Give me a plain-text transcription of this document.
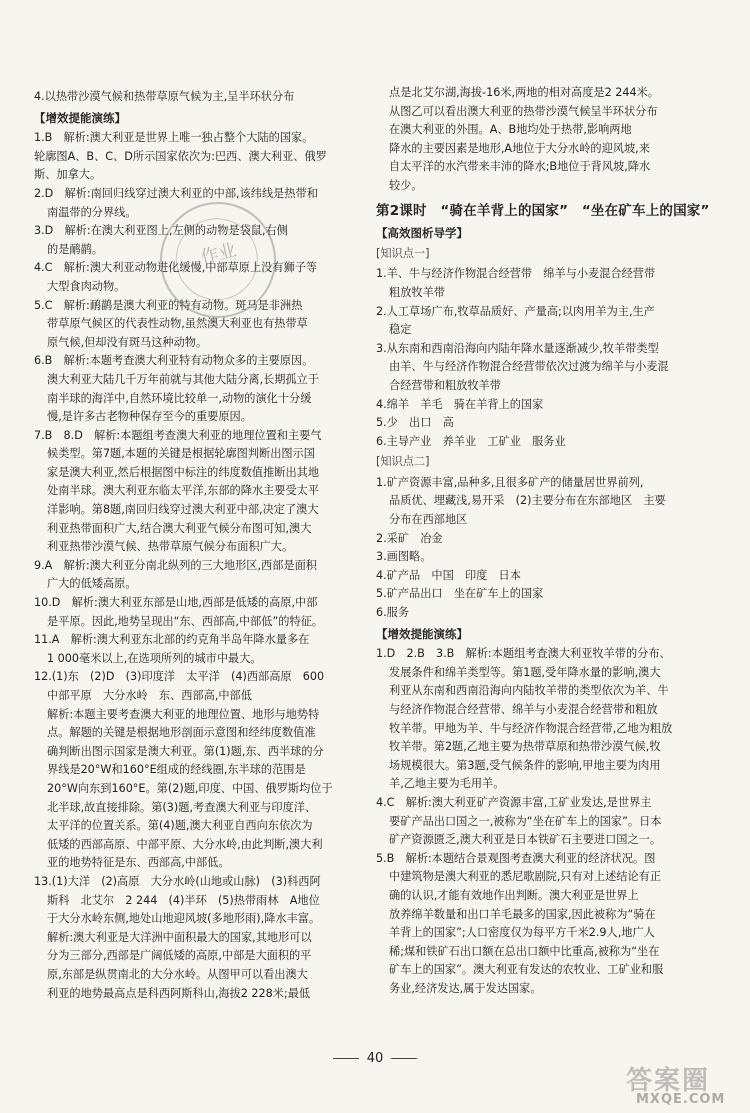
4.以热带沙漠气候和热带草原气候为主,呈半环状分布
【增效提能演练】
1.B　解析:澳大利亚是世界上唯一独占整个大陆的国家。
轮廓图A、B、C、D所示国家依次为:巴西、澳大利亚、俄罗
斯、加拿大。
2.D　解析:南回归线穿过澳大利亚的中部,该纬线是热带和
南温带的分界线。
3.D　解析:在澳大利亚图上,左侧的动物是袋鼠,右侧
的是鸸鹋。
4.C　解析:澳大利亚动物进化缓慢,中部草原上没有狮子等
大型食肉动物。
5.C　解析:鸸鹋是澳大利亚的特有动物。斑马是非洲热
带草原气候区的代表性动物,虽然澳大利亚也有热带草
原气候,但却没有斑马这种动物。
6.B　解析:本题考查澳大利亚特有动物众多的主要原因。
澳大利亚大陆几千万年前就与其他大陆分离,长期孤立于
南半球的海洋中,自然环境比较单一,动物的演化十分缓
慢,是许多古老物种保存至今的重要原因。
7.B　8.D　解析:本题组考查澳大利亚的地理位置和主要气
候类型。第7题,本题的关键是根据轮廓图判断出图示国
家是澳大利亚,然后根据图中标注的纬度数值推断出其地
处南半球。澳大利亚东临太平洋,东部的降水主要受太平
洋影响。第8题,南回归线穿过澳大利亚中部,决定了澳大
利亚热带面积广大,结合澳大利亚气候分布图可知,澳大
利亚热带沙漠气候、热带草原气候分布面积广大。
9.A　解析:澳大利亚分南北纵列的三大地形区,西部是面积
广大的低矮高原。
10.D　解析:澳大利亚东部是山地,西部是低矮的高原,中部
是平原。因此,地势呈现出“东、西部高,中部低”的特征。
11.A　解析:澳大利亚东北部的约克角半岛年降水量多在
1 000毫米以上,在选项所列的城市中最大。
12.(1)东　(2)D　(3)印度洋　太平洋　(4)西部高原　600
中部平原　大分水岭　东、西部高,中部低
解析:本题主要考查澳大利亚的地理位置、地形与地势特
点。解题的关键是根据地形剖面示意图和经纬度数值准
确判断出图示国家是澳大利亚。第(1)题,东、西半球的分
界线是20°W和160°E组成的经线圈,东半球的范围是
20°W向东到160°E。第(2)题,印度、中国、俄罗斯均位于
北半球,故直接排除。第(3)题,考查澳大利亚与印度洋、
太平洋的位置关系。第(4)题,澳大利亚自西向东依次为
低矮的西部高原、中部平原、大分水岭,由此判断,澳大利
亚的地势特征是东、西部高,中部低。
13.(1)大洋　(2)高原　大分水岭(山地或山脉)　(3)科西阿
斯科　北艾尔　2 244　(4)半环　(5)热带雨林　A地位
于大分水岭东侧,地处山地迎风坡(多地形雨),降水丰富。
解析:澳大利亚是大洋洲中面积最大的国家,其地形可以
分为三部分,西部是广阔低矮的高原,中部是大面积的平
原,东部是纵贯南北的大分水岭。从图甲可以看出澳大
利亚的地势最高点是科西阿斯科山,海拔2 228米;最低
点是北艾尔湖,海拔-16米,两地的相对高度是2 244米。
从图乙可以看出澳大利亚的热带沙漠气候呈半环状分布
在澳大利亚的外围。A、B地均处于热带,影响两地
降水的主要因素是地形,A地位于大分水岭的迎风坡,来
自太平洋的水汽带来丰沛的降水;B地位于背风坡,降水
较少。
第2课时　“骑在羊背上的国家”　“坐在矿车上的国家”
【高效图析导学】
[知识点一]
1.羊、牛与经济作物混合经营带　绵羊与小麦混合经营带
粗放牧羊带
2.人工草场广布,牧草品质好、产量高;以肉用羊为主,生产
稳定
3.从东南和西南沿海向内陆年降水量逐渐减少,牧羊带类型
由羊、牛与经济作物混合经营带依次过渡为绵羊与小麦混
合经营带和粗放牧羊带
4.绵羊　羊毛　骑在羊背上的国家
5.少　出口　高
6.主导产业　养羊业　工矿业　服务业
[知识点二]
1.矿产资源丰富,品种多,且很多矿产的储量居世界前列,
品质优、埋藏浅,易开采　(2)主要分布在东部地区　主要
分布在西部地区
2.采矿　冶金
3.画图略。
4.矿产品　中国　印度　日本
5.矿产品出口　坐在矿车上的国家
6.服务
【增效提能演练】
1.D　2.B　3.B　解析:本题组考查澳大利亚牧羊带的分布、
发展条件和绵羊类型等。第1题,受年降水量的影响,澳大
利亚从东南和西南沿海向内陆牧羊带的类型依次为羊、牛
与经济作物混合经营带、绵羊与小麦混合经营带和粗放
牧羊带。甲地为羊、牛与经济作物混合经营带,乙地为粗放
牧羊带。第2题,乙地主要为热带草原和热带沙漠气候,牧
场规模很大。第3题,受气候条件的影响,甲地主要为肉用
羊,乙地主要为毛用羊。
4.C　解析:澳大利亚矿产资源丰富,工矿业发达,是世界主
要矿产品出口国之一,被称为“坐在矿车上的国家”。日本
矿产资源匮乏,澳大利亚是日本铁矿石主要进口国之一。
5.B　解析:本题结合景观图考查澳大利亚的经济状况。图
中建筑物是澳大利亚的悉尼歌剧院,只有对上述结论有正
确的认识,才能有效地作出判断。澳大利亚是世界上
放养绵羊数量和出口羊毛最多的国家,因此被称为“骑在
羊背上的国家”;人口密度仅为每平方千米2.9人,地广人
稀;煤和铁矿石出口额在总出口额中比重高,被称为“坐在
矿车上的国家”。澳大利亚有发达的农牧业、工矿业和服
务业,经济发达,属于发达国家。
作业
40
答案圈
MXQE.COM
